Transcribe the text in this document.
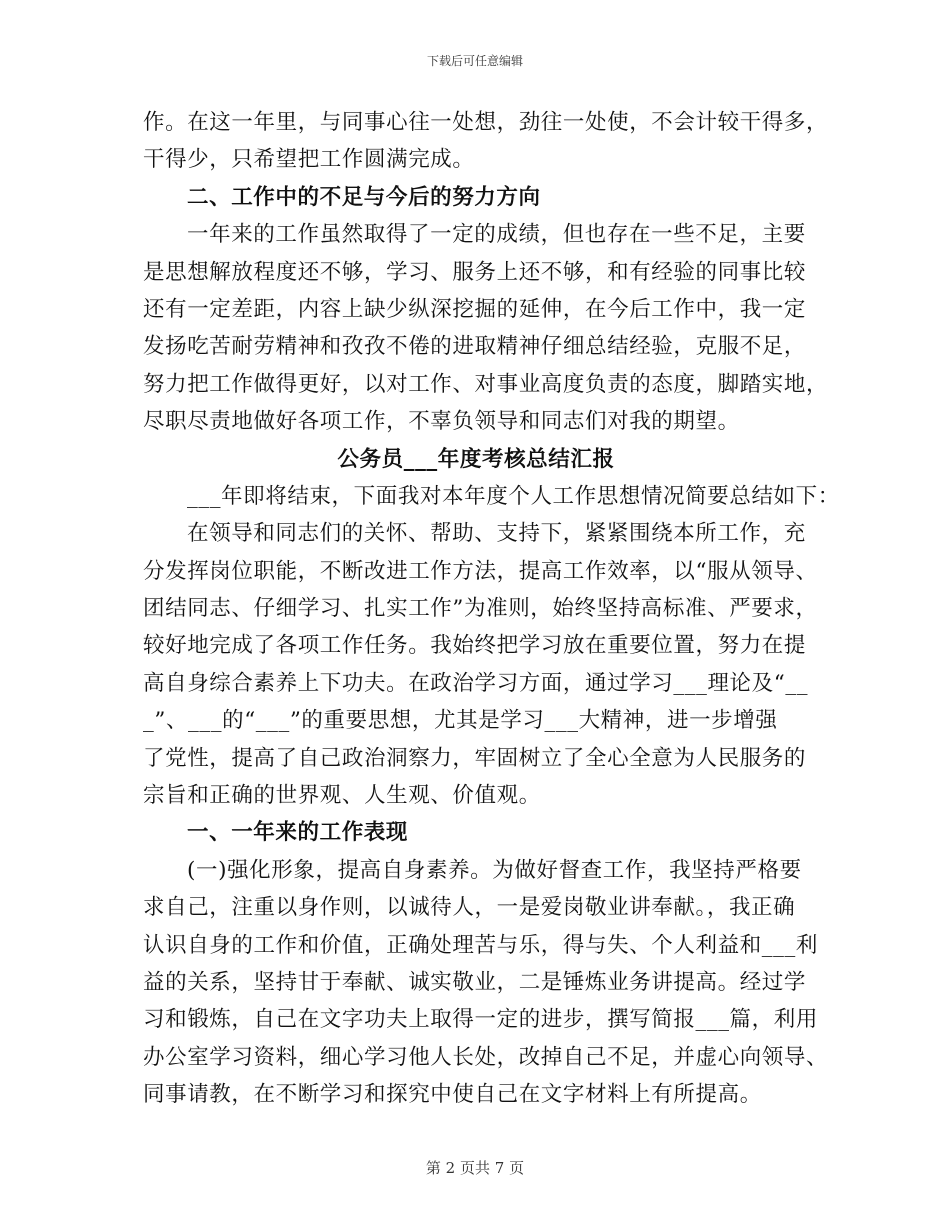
下载后可任意编辑
作。在这一年里，与同事心往一处想，劲往一处使，不会计较干得多，
干得少，只希望把工作圆满完成。
二、工作中的不足与今后的努力方向
一年来的工作虽然取得了一定的成绩，但也存在一些不足，主要
是思想解放程度还不够，学习、服务上还不够，和有经验的同事比较
还有一定差距，内容上缺少纵深挖掘的延伸，在今后工作中，我一定
发扬吃苦耐劳精神和孜孜不倦的进取精神仔细总结经验，克服不足，
努力把工作做得更好，以对工作、对事业高度负责的态度，脚踏实地，
尽职尽责地做好各项工作，不辜负领导和同志们对我的期望。
公务员___年度考核总结汇报
___年即将结束，下面我对本年度个人工作思想情况简要总结如下：
在领导和同志们的关怀、帮助、支持下，紧紧围绕本所工作，充
分发挥岗位职能，不断改进工作方法，提高工作效率，以“服从领导、
团结同志、仔细学习、扎实工作”为准则，始终坚持高标准、严要求，
较好地完成了各项工作任务。我始终把学习放在重要位置，努力在提
高自身综合素养上下功夫。在政治学习方面，通过学习___理论及“__
_”、___的“___”的重要思想，尤其是学习___大精神，进一步增强
了党性，提高了自己政治洞察力，牢固树立了全心全意为人民服务的
宗旨和正确的世界观、人生观、价值观。
一、一年来的工作表现
(一)强化形象，提高自身素养。为做好督查工作，我坚持严格要
求自己，注重以身作则，以诚待人，一是爱岗敬业讲奉献。，我正确
认识自身的工作和价值，正确处理苦与乐，得与失、个人利益和___利
益的关系，坚持甘于奉献、诚实敬业，二是锤炼业务讲提高。经过学
习和锻炼，自己在文字功夫上取得一定的进步，撰写简报___篇，利用
办公室学习资料，细心学习他人长处，改掉自己不足，并虚心向领导、
同事请教，在不断学习和探究中使自己在文字材料上有所提高。
第 2 页共 7 页
